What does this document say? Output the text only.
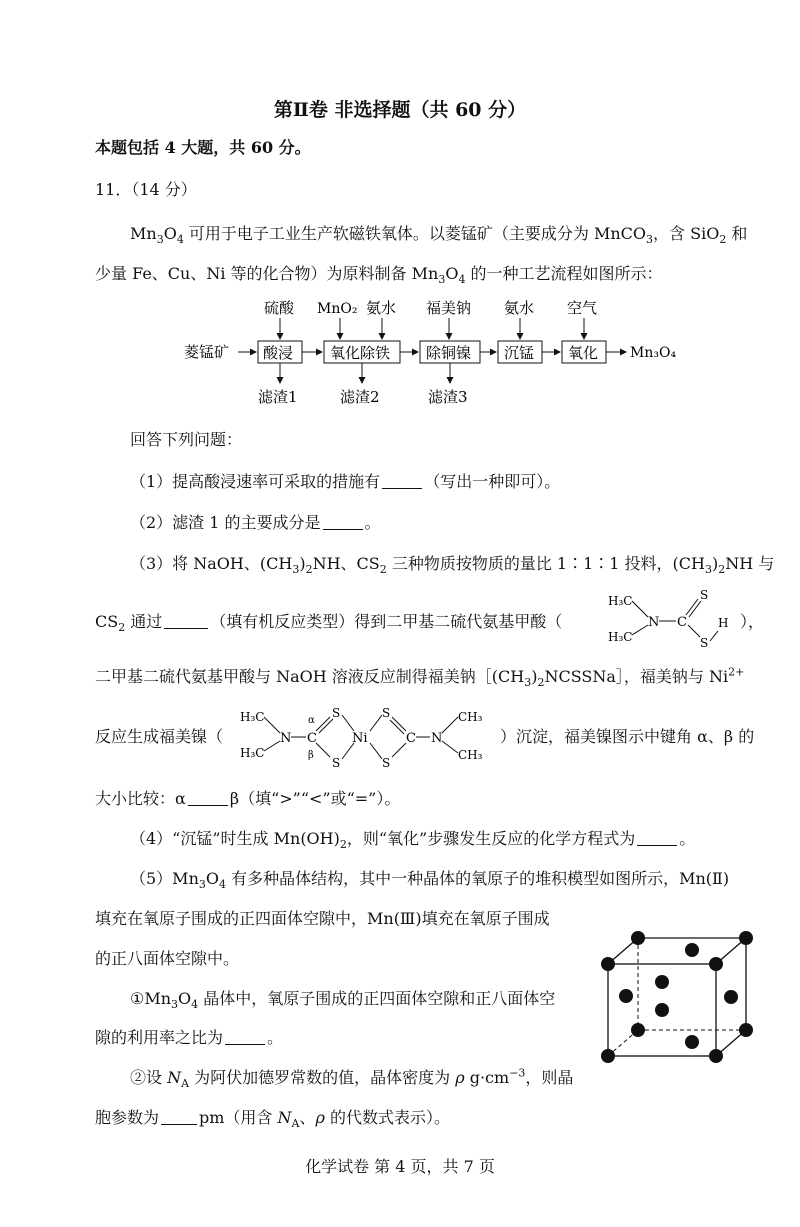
第Ⅱ卷 非选择题（共 60 分）
本题包括 4 大题，共 60 分。
11．（14 分）
$Mn_3O_4$ 可用于电子工业生产软磁铁氧体。以菱锰矿（主要成分为 MnCO$_3$，含 SiO$_2$ 和
少量 Fe、Cu、Ni 等的化合物）为原料制备 $Mn_3O_4$ 的一种工艺流程如图所示：
菱锰矿 酸浸 氧化除铁 除铜镍 沉锰 氧化 Mn₃O₄
硫酸 MnO₂ 氨水 福美钠 氨水 空气
滤渣1	滤渣2	滤渣3
回答下列问题：
（1）提高酸浸速率可采取的措施有	（写出一种即可）。
（2）滤渣 1 的主要成分是	。
（3）将 NaOH、$(CH_3)_2NH$、$CS_2$ 三种物质按物质的量比 1∶1∶1 投料，$(CH_3)_2NH$ 与
$CS_2$ 通过	（填有机反应类型）得到二甲基二硫代氨基甲酸（
H₃C
H₃C
N C
S
S
H ），
二甲基二硫代氨基甲酸与 NaOH 溶液反应制得福美钠$[(CH_3)_2NCSSNa]$，福美钠与 $Ni^{2+}$
反应生成福美镍（
H₃C
H₃C
N C
α
β
S
S
Ni
S
S
C N
CH₃
CH₃
）沉淀，福美镍图示中键角 α、β 的
大小比较：α	β（填“>”“<”或“=”）。
（4）“沉锰”时生成 $Mn(OH)_2$，则“氧化”步骤发生反应的化学方程式为	。
$(5)Mn_3O_4$ 有多种晶体结构，其中一种晶体的氧原子的堆积模型如图所示，Mn(Ⅱ)
填充在氧原子围成的正四面体空隙中，Mn(Ⅲ)填充在氧原子围成
的正八面体空隙中。
$①Mn_3O_4$ 晶体中，氧原子围成的正四面体空隙和正八面体空
隙的利用率之比为	。
②设 $N_A$ 为阿伏加德罗常数的值，晶体密度为 ρ $g\cdot cm^{-3}$，则晶
胞参数为	pm（用含 $N_A$、ρ 的代数式表示）。
化学试卷 第 4 页，共 7 页
